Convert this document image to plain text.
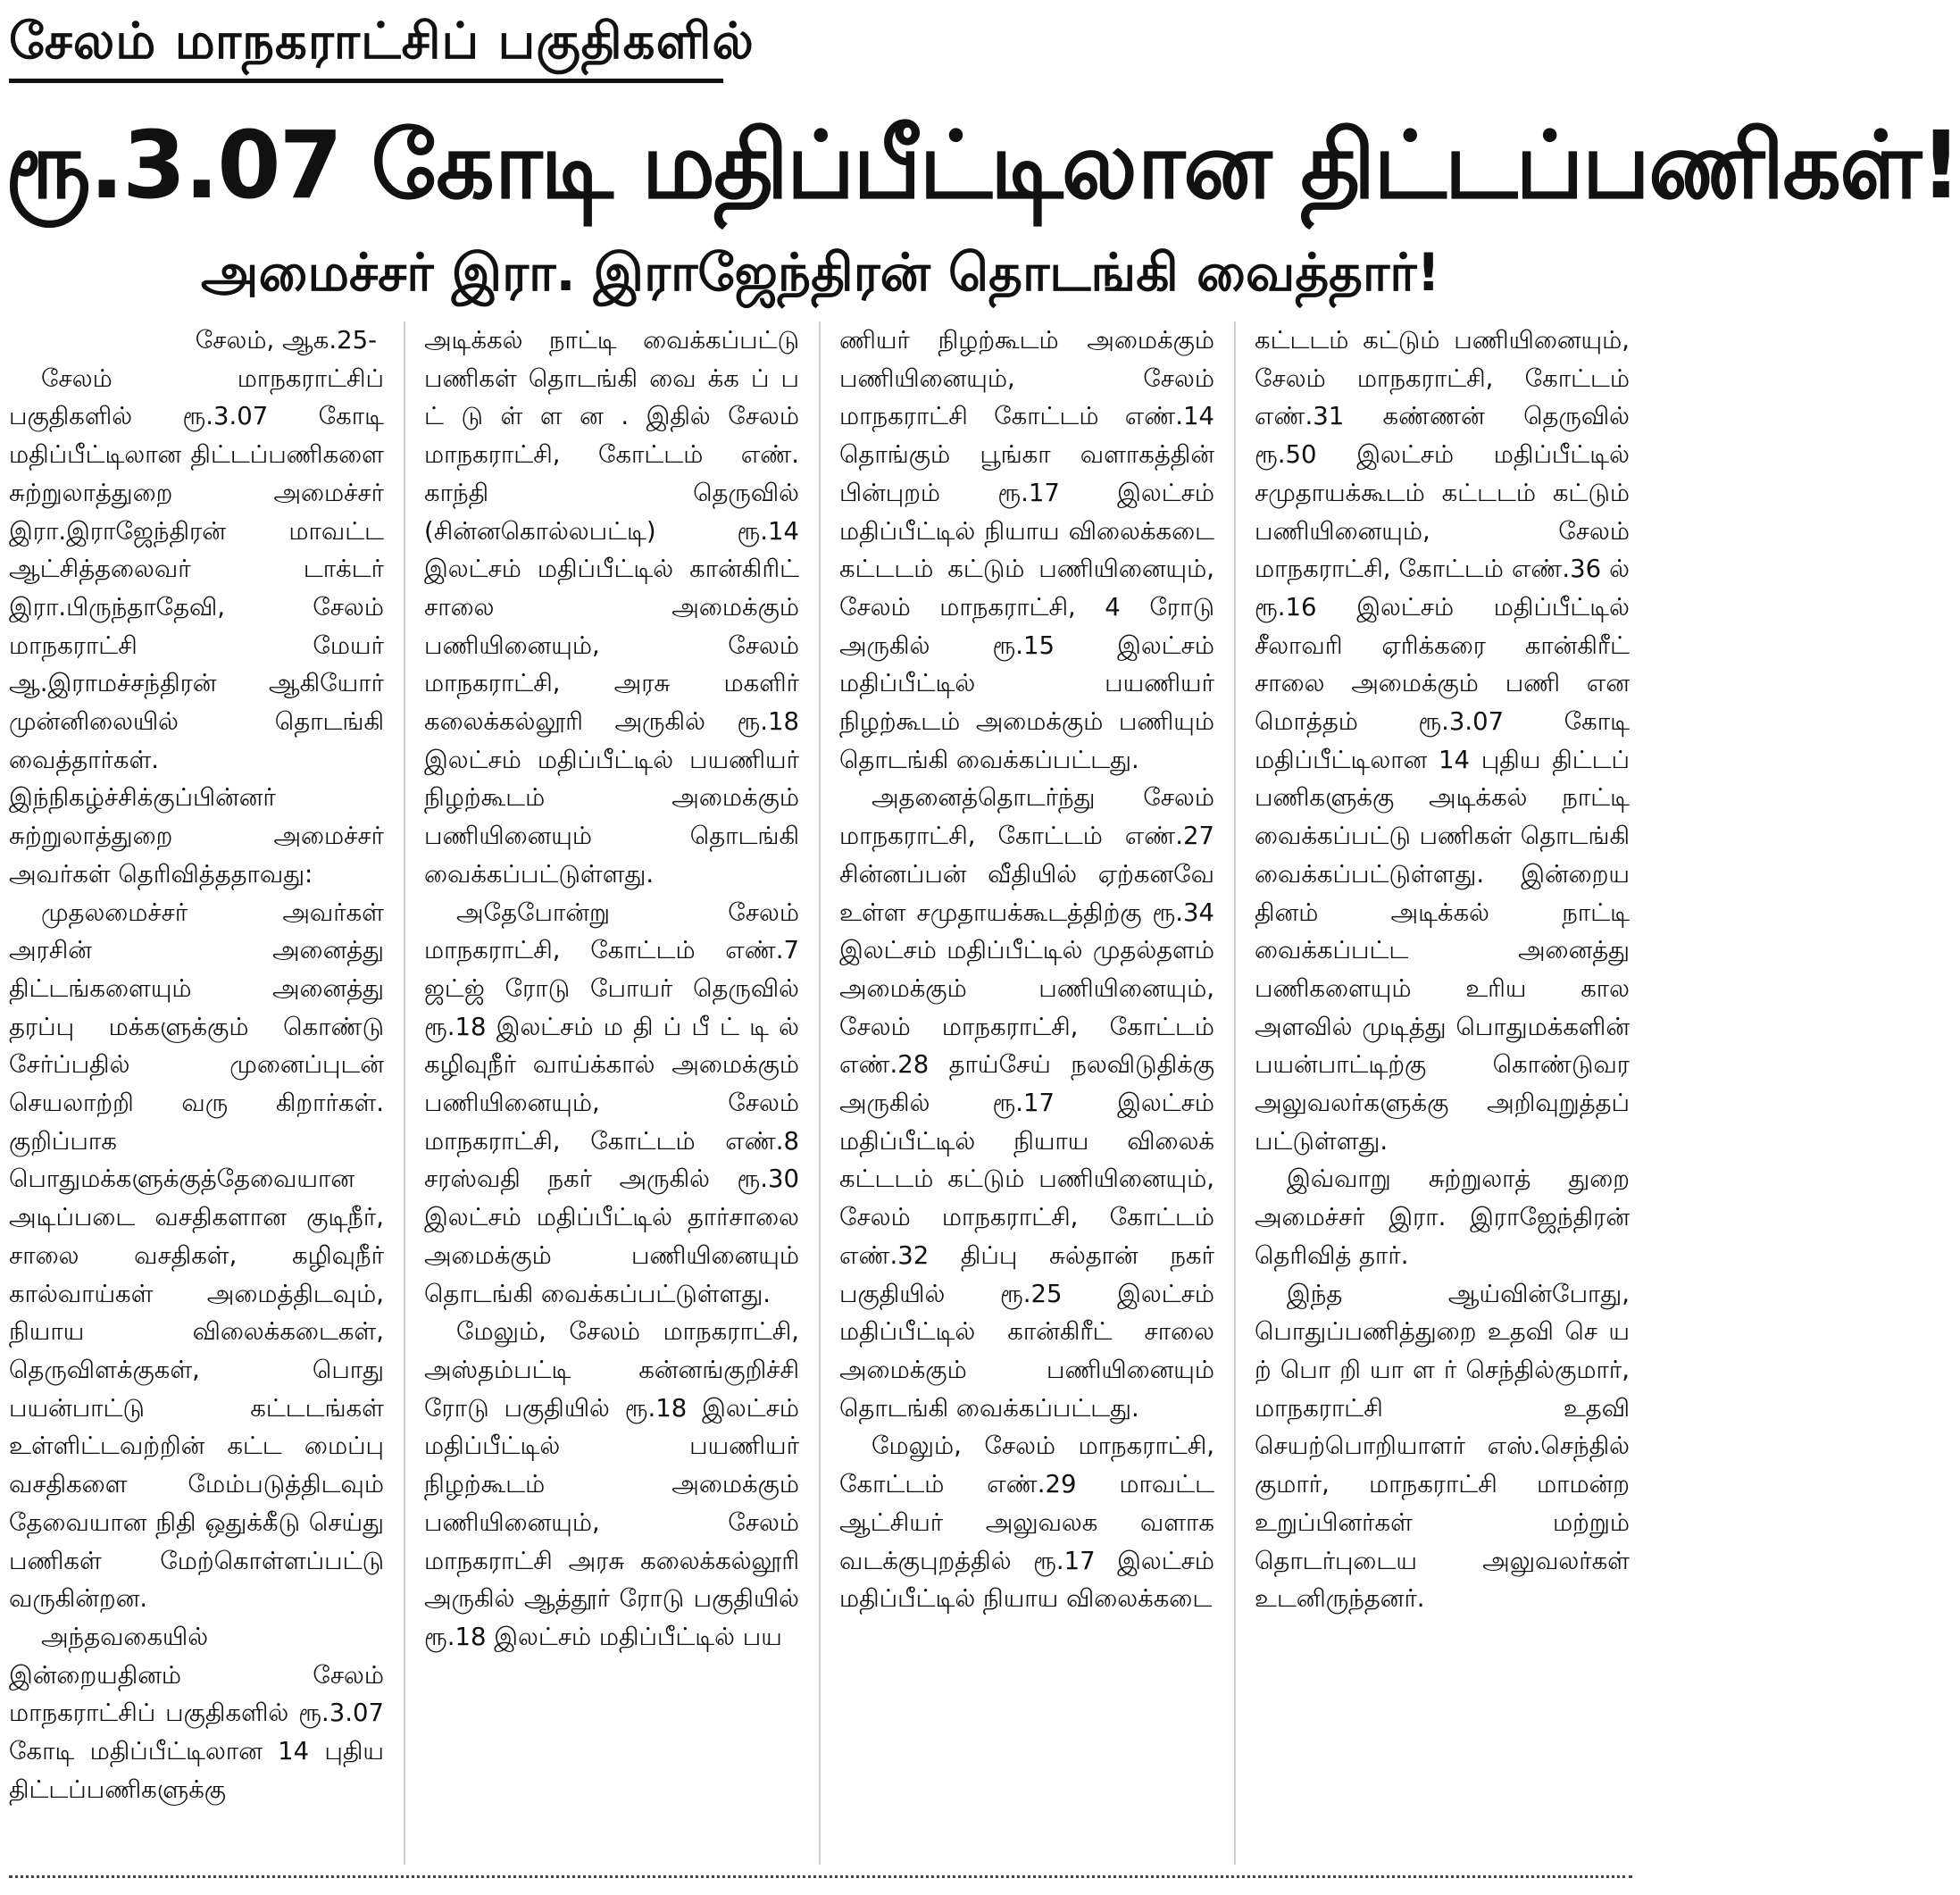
சேலம் மாநகராட்சிப் பகுதிகளில்
ரூ.3.07 கோடி மதிப்பீட்டிலான திட்டப்பணிகள்!
அமைச்சர் இரா. இராஜேந்திரன் தொடங்கி வைத்தார்!

சேலம், ஆக.25-

சேலம் மாநகராட்சிப் பகுதிகளில் ரூ.3.07 கோடி மதிப்பீட்டிலான திட்டப்பணிகளை சுற்றுலாத்துறை அமைச்சர் இரா.இராஜேந்திரன் மாவட்ட ஆட்சித்தலைவர் டாக்டர் இரா.பிருந்தாதேவி, சேலம் மாநகராட்சி மேயர் ஆ.இராமச்சந்திரன் ஆகியோர் முன்னிலையில் தொடங்கி வைத்தார்கள். இந்நிகழ்ச்சிக்குப்பின்னர் சுற்றுலாத்துறை அமைச்சர் அவர்கள் தெரிவித்ததாவது:

முதலமைச்சர் அவர்கள் அரசின் அனைத்து திட்டங்களையும் அனைத்து தரப்பு மக்களுக்கும் கொண்டு சேர்ப்பதில் முனைப்புடன் செயலாற்றி வரு கிறார்கள். குறிப்பாக பொதுமக்களுக்குத்தேவையான அடிப்படை வசதிகளான குடிநீர், சாலை வசதிகள், கழிவுநீர் கால்வாய்கள் அமைத்திடவும், நியாய விலைக்கடைகள், தெருவிளக்குகள், பொது பயன்பாட்டு கட்டடங்கள் உள்ளிட்டவற்றின் கட்ட மைப்பு வசதிகளை மேம்படுத்திடவும் தேவையான நிதி ஒதுக்கீடு செய்து பணிகள் மேற்கொள்ளப்பட்டு வருகின்றன.

அந்தவகையில் இன்றையதினம் சேலம் மாநகராட்சிப் பகுதிகளில் ரூ.3.07 கோடி மதிப்பீட்டிலான 14 புதிய திட்டப்பணிகளுக்கு

அடிக்கல் நாட்டி வைக்கப்பட்டு பணிகள் தொடங்கி வை க்க ப் ப ட் டு ள் ள ன . இதில் சேலம் மாநகராட்சி, கோட்டம் எண். காந்தி தெருவில் (சின்னகொல்லபட்டி) ரூ.14 இலட்சம் மதிப்பீட்டில் கான்கிரிட் சாலை அமைக்கும் பணியினையும், சேலம் மாநகராட்சி, அரசு மகளிர் கலைக்கல்லூரி அருகில் ரூ.18 இலட்சம் மதிப்பீட்டில் பயணியர் நிழற்கூடம் அமைக்கும் பணியினையும் தொடங்கி வைக்கப்பட்டுள்ளது.

அதேபோன்று சேலம் மாநகராட்சி, கோட்டம் எண்.7 ஜட்ஜ் ரோடு போயர் தெருவில் ரூ.18 இலட்சம் ம தி ப் பீ ட் டி ல் கழிவுநீர் வாய்க்கால் அமைக்கும் பணியினையும், சேலம் மாநகராட்சி, கோட்டம் எண்.8 சரஸ்வதி நகர் அருகில் ரூ.30 இலட்சம் மதிப்பீட்டில் தார்சாலை அமைக்கும் பணியினையும் தொடங்கி வைக்கப்பட்டுள்ளது.

மேலும், சேலம் மாநகராட்சி, அஸ்தம்பட்டி கன்னங்குறிச்சி ரோடு பகுதியில் ரூ.18 இலட்சம் மதிப்பீட்டில் பயணியர் நிழற்கூடம் அமைக்கும் பணியினையும், சேலம் மாநகராட்சி அரசு கலைக்கல்லூரி அருகில் ஆத்தூர் ரோடு பகுதியில் ரூ.18 இலட்சம் மதிப்பீட்டில் பய

ணியர் நிழற்கூடம் அமைக்கும் பணியினையும், சேலம் மாநகராட்சி கோட்டம் எண்.14 தொங்கும் பூங்கா வளாகத்தின் பின்புறம் ரூ.17 இலட்சம் மதிப்பீட்டில் நியாய விலைக்கடை கட்டடம் கட்டும் பணியினையும், சேலம் மாநகராட்சி, 4 ரோடு அருகில் ரூ.15 இலட்சம் மதிப்பீட்டில் பயணியர் நிழற்கூடம் அமைக்கும் பணியும் தொடங்கி வைக்கப்பட்டது.

அதனைத்தொடர்ந்து சேலம் மாநகராட்சி, கோட்டம் எண்.27 சின்னப்பன் வீதியில் ஏற்கனவே உள்ள சமுதாயக்கூடத்திற்கு ரூ.34 இலட்சம் மதிப்பீட்டில் முதல்தளம் அமைக்கும் பணியினையும், சேலம் மாநகராட்சி, கோட்டம் எண்.28 தாய்சேய் நலவிடுதிக்கு அருகில் ரூ.17 இலட்சம் மதிப்பீட்டில் நியாய விலைக் கட்டடம் கட்டும் பணியினையும், சேலம் மாநகராட்சி, கோட்டம் எண்.32 திப்பு சுல்தான் நகர் பகுதியில் ரூ.25 இலட்சம் மதிப்பீட்டில் கான்கிரீட் சாலை அமைக்கும் பணியினையும் தொடங்கி வைக்கப்பட்டது.

மேலும், சேலம் மாநகராட்சி, கோட்டம் எண்.29 மாவட்ட ஆட்சியர் அலுவலக வளாக வடக்குபுறத்தில் ரூ.17 இலட்சம் மதிப்பீட்டில் நியாய விலைக்கடை

கட்டடம் கட்டும் பணியினையும், சேலம் மாநகராட்சி, கோட்டம் எண்.31 கண்ணன் தெருவில் ரூ.50 இலட்சம் மதிப்பீட்டில் சமுதாயக்கூடம் கட்டடம் கட்டும் பணியினையும், சேலம் மாநகராட்சி, கோட்டம் எண்.36 ல் ரூ.16 இலட்சம் மதிப்பீட்டில் சீலாவரி ஏரிக்கரை கான்கிரீட் சாலை அமைக்கும் பணி என மொத்தம் ரூ.3.07 கோடி மதிப்பீட்டிலான 14 புதிய திட்டப் பணிகளுக்கு அடிக்கல் நாட்டி வைக்கப்பட்டு பணிகள் தொடங்கி வைக்கப்பட்டுள்ளது. இன்றைய தினம் அடிக்கல் நாட்டி வைக்கப்பட்ட அனைத்து பணிகளையும் உரிய கால அளவில் முடித்து பொதுமக்களின் பயன்பாட்டிற்கு கொண்டுவர அலுவலர்களுக்கு அறிவுறுத்தப் பட்டுள்ளது.

இவ்வாறு சுற்றுலாத் துறை அமைச்சர் இரா. இராஜேந்திரன் தெரிவித் தார்.

இந்த ஆய்வின்போது, பொதுப்பணித்துறை உதவி செ ய ற் பொ றி யா ள ர் செந்தில்குமார், மாநகராட்சி உதவி செயற்பொறியாளர் எஸ்.செந்தில் குமார், மாநகராட்சி மாமன்ற உறுப்பினர்கள் மற்றும் தொடர்புடைய அலுவலர்கள் உடனிருந்தனர்.
